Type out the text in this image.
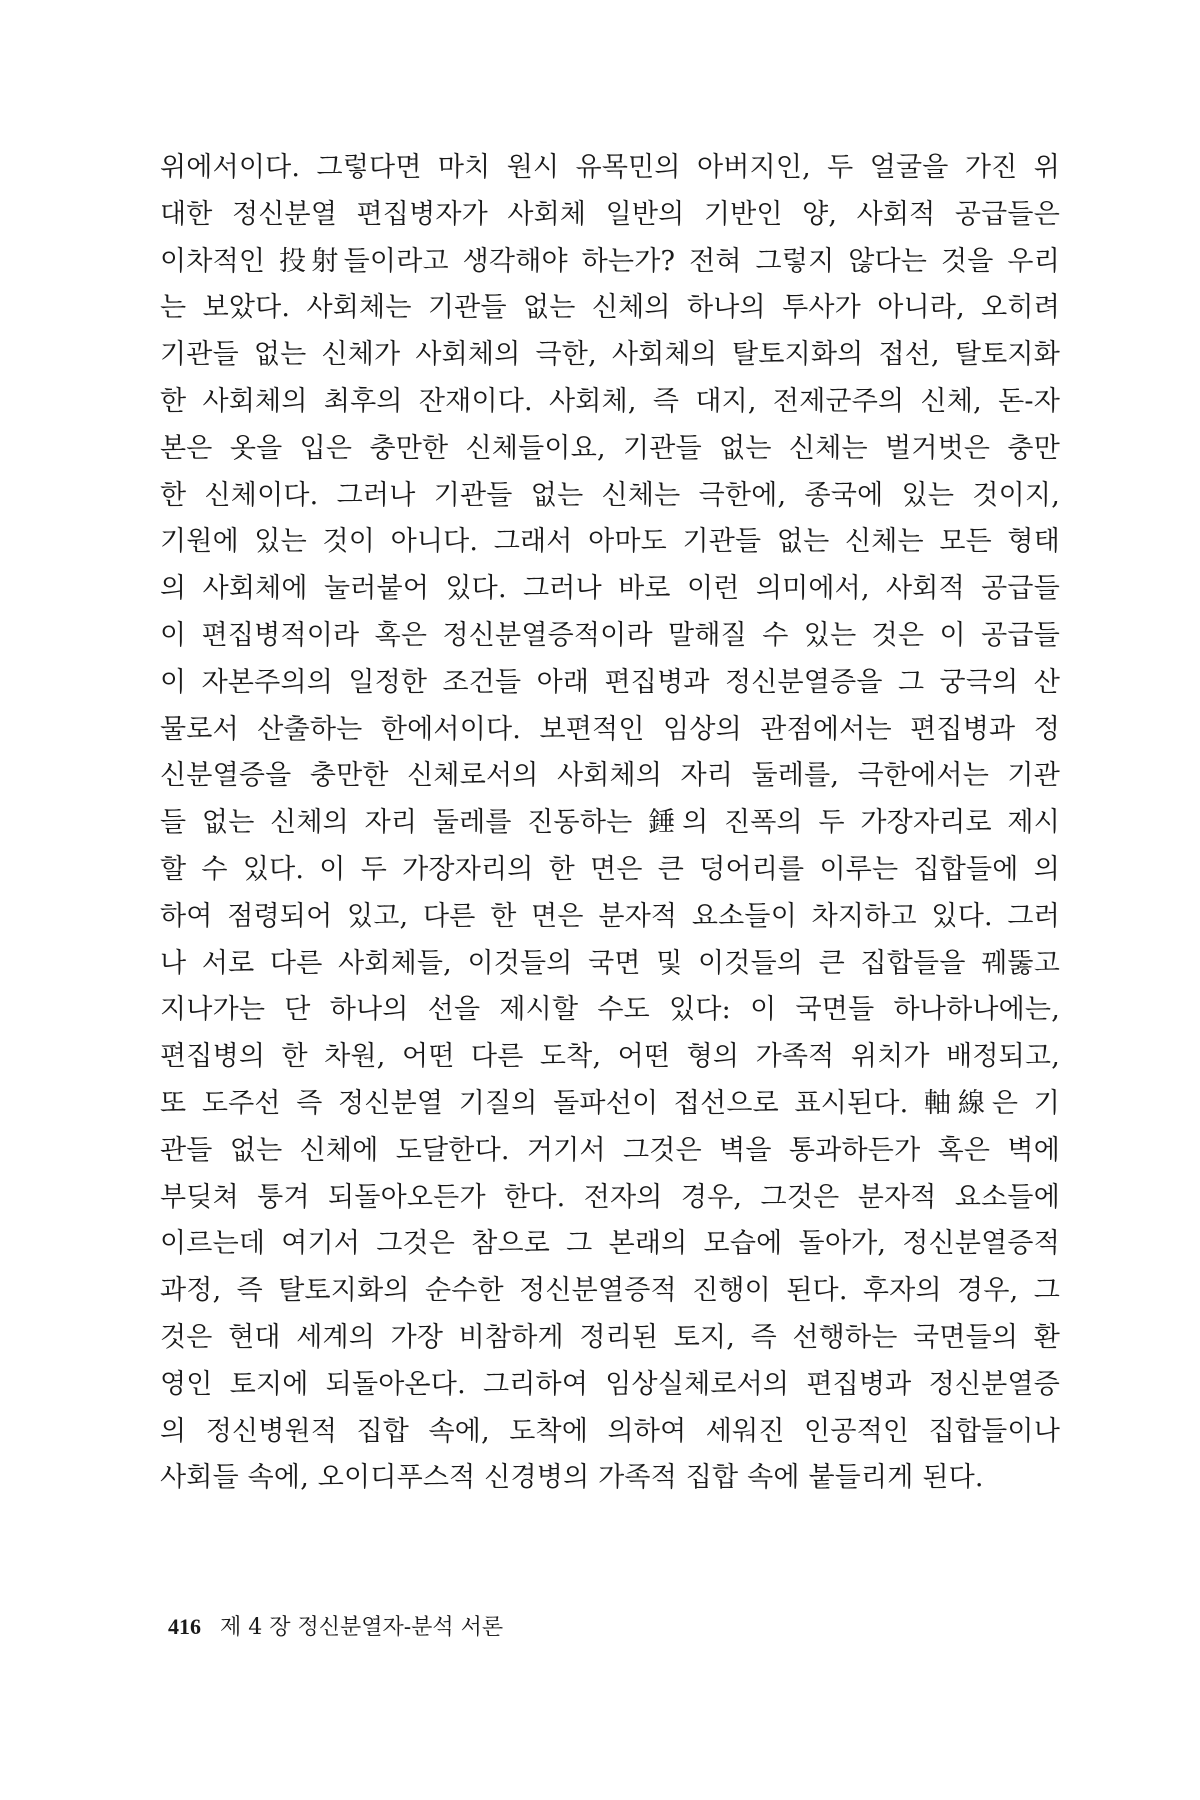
위에서이다. 그렇다면 마치 원시 유목민의 아버지인, 두 얼굴을 가진 위
대한 정신분열 편집병자가 사회체 일반의 기반인 양, 사회적 공급들은
이차적인 投射들이라고 생각해야 하는가? 전혀 그렇지 않다는 것을 우리
는 보았다. 사회체는 기관들 없는 신체의 하나의 투사가 아니라, 오히려
기관들 없는 신체가 사회체의 극한, 사회체의 탈토지화의 접선, 탈토지화
한 사회체의 최후의 잔재이다. 사회체, 즉 대지, 전제군주의 신체, 돈-자
본은 옷을 입은 충만한 신체들이요, 기관들 없는 신체는 벌거벗은 충만
한 신체이다. 그러나 기관들 없는 신체는 극한에, 종국에 있는 것이지,
기원에 있는 것이 아니다. 그래서 아마도 기관들 없는 신체는 모든 형태
의 사회체에 눌러붙어 있다. 그러나 바로 이런 의미에서, 사회적 공급들
이 편집병적이라 혹은 정신분열증적이라 말해질 수 있는 것은 이 공급들
이 자본주의의 일정한 조건들 아래 편집병과 정신분열증을 그 궁극의 산
물로서 산출하는 한에서이다. 보편적인 임상의 관점에서는 편집병과 정
신분열증을 충만한 신체로서의 사회체의 자리 둘레를, 극한에서는 기관
들 없는 신체의 자리 둘레를 진동하는 錘의 진폭의 두 가장자리로 제시
할 수 있다. 이 두 가장자리의 한 면은 큰 덩어리를 이루는 집합들에 의
하여 점령되어 있고, 다른 한 면은 분자적 요소들이 차지하고 있다. 그러
나 서로 다른 사회체들, 이것들의 국면 및 이것들의 큰 집합들을 꿰뚫고
지나가는 단 하나의 선을 제시할 수도 있다: 이 국면들 하나하나에는,
편집병의 한 차원, 어떤 다른 도착, 어떤 형의 가족적 위치가 배정되고,
또 도주선 즉 정신분열 기질의 돌파선이 접선으로 표시된다. 軸線은 기
관들 없는 신체에 도달한다. 거기서 그것은 벽을 통과하든가 혹은 벽에
부딪쳐 퉁겨 되돌아오든가 한다. 전자의 경우, 그것은 분자적 요소들에
이르는데 여기서 그것은 참으로 그 본래의 모습에 돌아가, 정신분열증적
과정, 즉 탈토지화의 순수한 정신분열증적 진행이 된다. 후자의 경우, 그
것은 현대 세계의 가장 비참하게 정리된 토지, 즉 선행하는 국면들의 환
영인 토지에 되돌아온다. 그리하여 임상실체로서의 편집병과 정신분열증
의 정신병원적 집합 속에, 도착에 의하여 세워진 인공적인 집합들이나
사회들 속에, 오이디푸스적 신경병의 가족적 집합 속에 붙들리게 된다.
416 제 4 장 정신분열자-분석 서론
